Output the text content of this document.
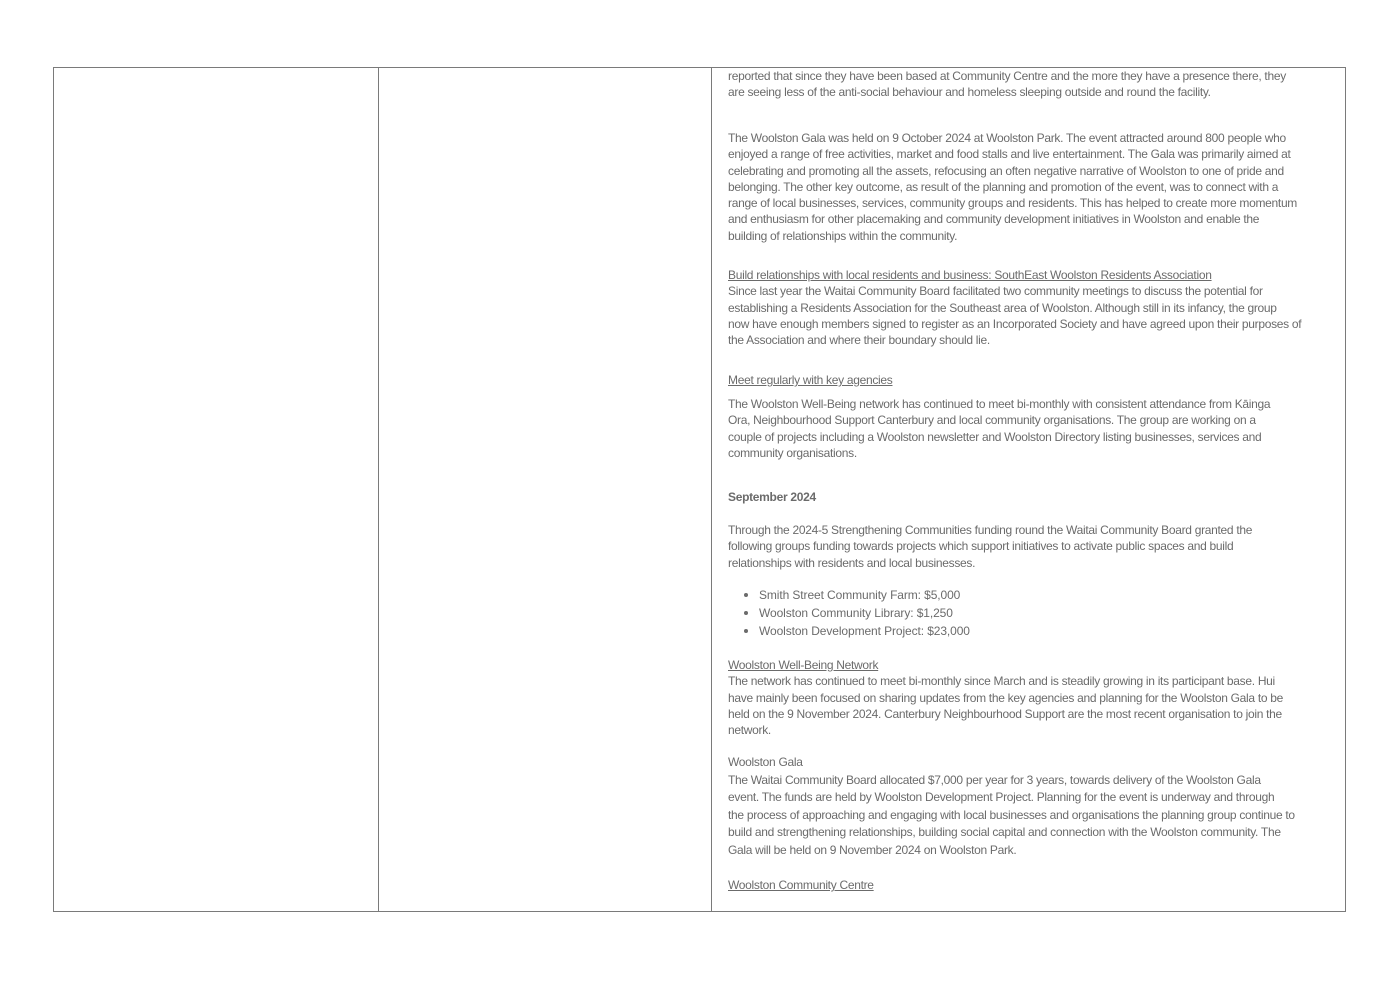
reported that since they have been based at Community Centre and the more they have a presence there, they
are seeing less of the anti-social behaviour and homeless sleeping outside and round the facility.
The Woolston Gala was held on 9 October 2024 at Woolston Park. The event attracted around 800 people who
enjoyed a range of free activities, market and food stalls and live entertainment. The Gala was primarily aimed at
celebrating and promoting all the assets, refocusing an often negative narrative of Woolston to one of pride and
belonging. The other key outcome, as result of the planning and promotion of the event, was to connect with a
range of local businesses, services, community groups and residents. This has helped to create more momentum
and enthusiasm for other placemaking and community development initiatives in Woolston and enable the
building of relationships within the community.
Build relationships with local residents and business: SouthEast Woolston Residents Association
Since last year the Waitai Community Board facilitated two community meetings to discuss the potential for
establishing a Residents Association for the Southeast area of Woolston. Although still in its infancy, the group
now have enough members signed to register as an Incorporated Society and have agreed upon their purposes of
the Association and where their boundary should lie.
Meet regularly with key agencies
The Woolston Well-Being network has continued to meet bi-monthly with consistent attendance from Kāinga
Ora, Neighbourhood Support Canterbury and local community organisations. The group are working on a
couple of projects including a Woolston newsletter and Woolston Directory listing businesses, services and
community organisations.
September 2024
Through the 2024-5 Strengthening Communities funding round the Waitai Community Board granted the
following groups funding towards projects which support initiatives to activate public spaces and build
relationships with residents and local businesses.
Smith Street Community Farm: $5,000
Woolston Community Library: $1,250
Woolston Development Project: $23,000
Woolston Well-Being Network
The network has continued to meet bi-monthly since March and is steadily growing in its participant base. Hui
have mainly been focused on sharing updates from the key agencies and planning for the Woolston Gala to be
held on the 9 November 2024. Canterbury Neighbourhood Support are the most recent organisation to join the
network.
Woolston Gala
The Waitai Community Board allocated $7,000 per year for 3 years, towards delivery of the Woolston Gala
event. The funds are held by Woolston Development Project. Planning for the event is underway and through
the process of approaching and engaging with local businesses and organisations the planning group continue to
build and strengthening relationships, building social capital and connection with the Woolston community. The
Gala will be held on 9 November 2024 on Woolston Park.
Woolston Community Centre
